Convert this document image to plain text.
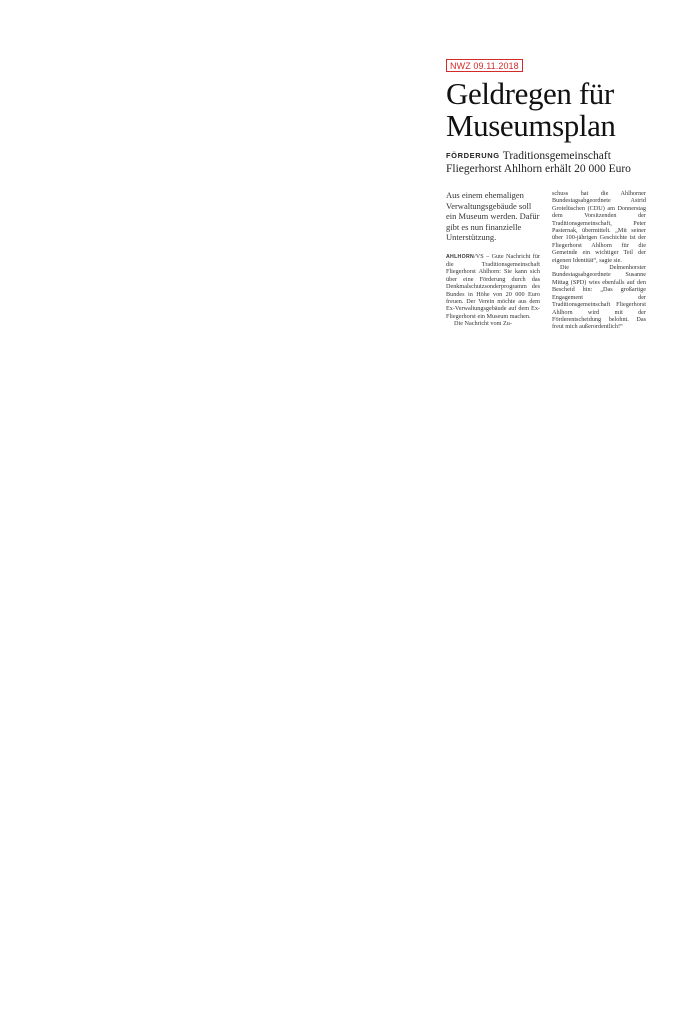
NWZ 09.11.2018
Geldregen für
Museumsplan
FÖRDERUNG Traditionsgemeinschaft
Fliegerhorst Ahlhorn erhält 20 000 Euro

Aus einem ehemaligen Verwaltungsgebäude soll ein Museum werden. Dafür gibt es nun finanzielle Unterstützung.

AHLHORN/VS – Gute Nachricht für die Traditionsgemeinschaft Fliegerhorst Ahlhorn: Sie kann sich über eine Förderung durch das Denkmalschutzsonderprogramm des Bundes in Höhe von 20 000 Euro freuen. Der Verein möchte aus dem Ex-Verwaltungsgebäude auf dem Ex-Fliegerhorst ein Museum machen.

Die Nachricht vom Zu-

schuss hat die Ahlhorner Bundestagsabgeordnete Astrid Grotelüschen (CDU) am Donnerstag dem Vorsitzenden der Traditionsgemeinschaft, Peter Pasternak, übermittelt. „Mit seiner über 100-jährigen Geschichte ist der Fliegerhorst Ahlhorn für die Gemeinde ein wichtiger Teil der eigenen Identität“, sagte sie.

Die Delmenhorster Bundestagsabgeordnete Susanne Mittag (SPD) wies ebenfalls auf den Bescheid hin: „Das großartige Engagement der Traditionsgemeinschaft Fliegerhorst Ahlhorn wird mit der Förderentscheidung belohnt. Das freut mich außerordentlich!“
